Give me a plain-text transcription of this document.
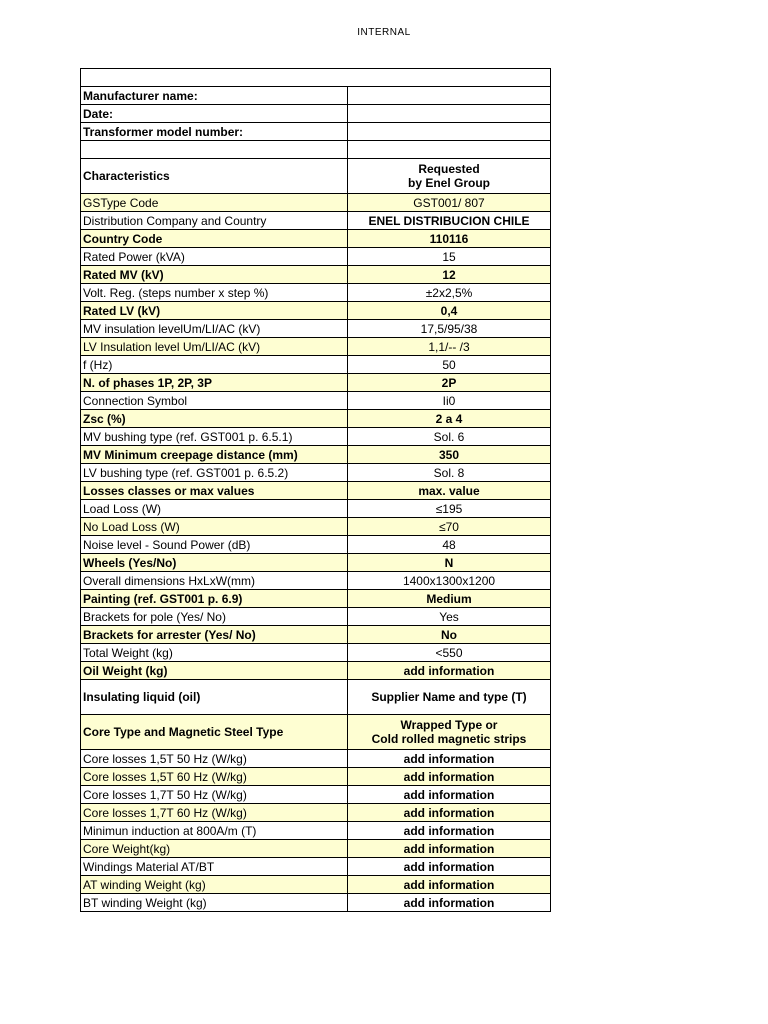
INTERNAL

Manufacturer name:	
Date:	
Transformer model number:	

Characteristics	Requested
by Enel Group

GSType Code	GST001/ 807
Distribution Company and Country	ENEL DISTRIBUCION CHILE
Country Code	110116
Rated Power (kVA)	15
Rated MV (kV)	12
Volt. Reg. (steps number x step %)	±2x2,5%
Rated LV (kV)	0,4
MV insulation levelUm/LI/AC (kV)	17,5/95/38
LV Insulation level Um/LI/AC (kV)	1,1/-- /3
f (Hz)	50
N. of phases 1P, 2P, 3P	2P
Connection Symbol	Ii0
Zsc (%)	2 a 4
MV bushing type (ref. GST001 p. 6.5.1)	Sol. 6
MV Minimum creepage distance (mm)	350
LV bushing type (ref. GST001 p. 6.5.2)	Sol. 8
Losses classes or max values	max. value
Load Loss (W)	≤195
No Load Loss (W)	≤70
Noise level - Sound Power (dB)	48
Wheels (Yes/No)	N
Overall dimensions HxLxW(mm)	1400x1300x1200
Painting (ref. GST001 p. 6.9)	Medium
Brackets for pole (Yes/ No)	Yes
Brackets for arrester (Yes/ No)	No
Total Weight (kg)	<550
Oil Weight (kg)	add information
Insulating liquid (oil)	Supplier Name and type (T)
Core Type and Magnetic Steel Type	Wrapped Type or
Cold rolled magnetic strips

Core losses 1,5T 50 Hz (W/kg)	add information
Core losses 1,5T 60 Hz (W/kg)	add information
Core losses 1,7T 50 Hz (W/kg)	add information
Core losses 1,7T 60 Hz (W/kg)	add information
Minimun induction at 800A/m (T)	add information
Core Weight(kg)	add information
Windings Material AT/BT	add information
AT winding Weight (kg)	add information
BT winding Weight (kg)	add information
